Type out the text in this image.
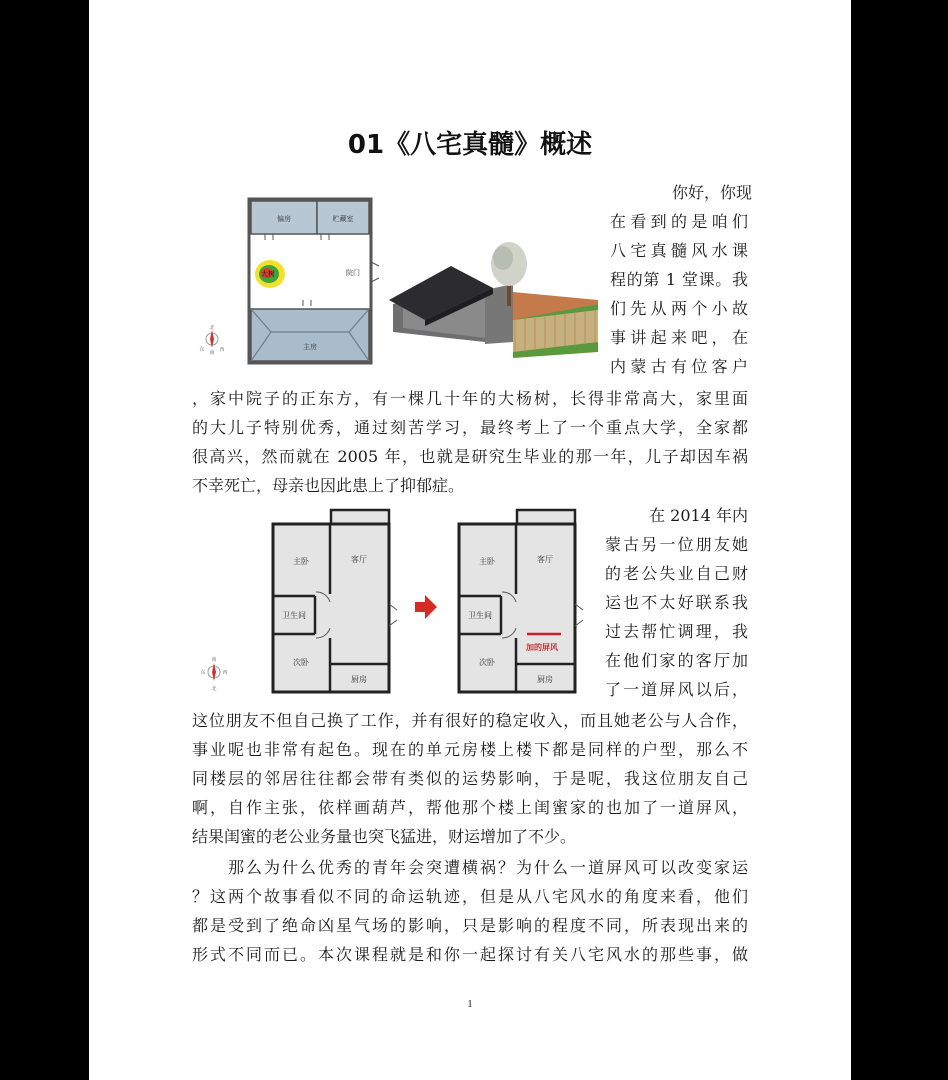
01《八宅真髓》概述
偏房	贮藏室
大树	院门
主房
北
南
东	西
你好，你现
在看到的是咱们
八宅真髓风水课
程的第 1 堂课。我
们先从两个小故
事讲起来吧，在
内蒙古有位客户
，家中院子的正东方，有一棵几十年的大杨树，长得非常高大，家里面
的大儿子特别优秀，通过刻苦学习，最终考上了一个重点大学，全家都
很高兴，然而就在 2005 年，也就是研究生毕业的那一年，儿子却因车祸
不幸死亡，母亲也因此患上了抑郁症。
主卧	客厅
卫生间
次卧
厨房
加的屏风
主卧	客厅
卫生间
次卧
厨房
南
北
东	西
在 2014 年内
蒙古另一位朋友她
的老公失业自己财
运也不太好联系我
过去帮忙调理，我
在他们家的客厅加
了一道屏风以后，
这位朋友不但自己换了工作，并有很好的稳定收入，而且她老公与人合作，
事业呢也非常有起色。现在的单元房楼上楼下都是同样的户型，那么不
同楼层的邻居往往都会带有类似的运势影响，于是呢，我这位朋友自己
啊，自作主张，依样画葫芦，帮他那个楼上闺蜜家的也加了一道屏风，
结果闺蜜的老公业务量也突飞猛进，财运增加了不少。
那么为什么优秀的青年会突遭横祸？为什么一道屏风可以改变家运
？这两个故事看似不同的命运轨迹，但是从八宅风水的角度来看，他们
都是受到了绝命凶星气场的影响，只是影响的程度不同，所表现出来的
形式不同而已。本次课程就是和你一起探讨有关八宅风水的那些事，做
1
